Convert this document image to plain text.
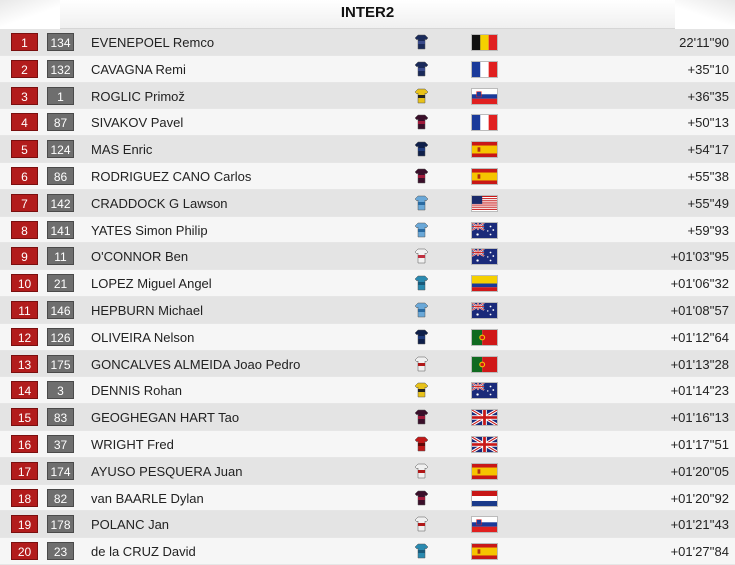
INTER2
1	134 EVENEPOEL Remco	22'11''90
2	132 CAVAGNA Remi	+35''10
3	1	ROGLIC Primož	+36''35
4	87	SIVAKOV Pavel	+50''13
5	124 MAS Enric	+54''17
6	86	RODRIGUEZ CANO Carlos	+55''38
7	142 CRADDOCK G Lawson	+55''49
8	141 YATES Simon Philip	+59''93
9	11	O'CONNOR Ben	+01'03''95
10	21	LOPEZ Miguel Angel	+01'06''32
11	146 HEPBURN Michael	+01'08''57
12	126 OLIVEIRA Nelson	+01'12''64
13	175 GONCALVES ALMEIDA Joao Pedro	+01'13''28
14	3	DENNIS Rohan	+01'14''23
15	83	GEOGHEGAN HART Tao	+01'16''13
16	37	WRIGHT Fred	+01'17''51
17	174 AYUSO PESQUERA Juan	+01'20''05
18	82	van BAARLE Dylan	+01'20''92
19	178 POLANC Jan	+01'21''43
20	23	de la CRUZ David	+01'27''84
